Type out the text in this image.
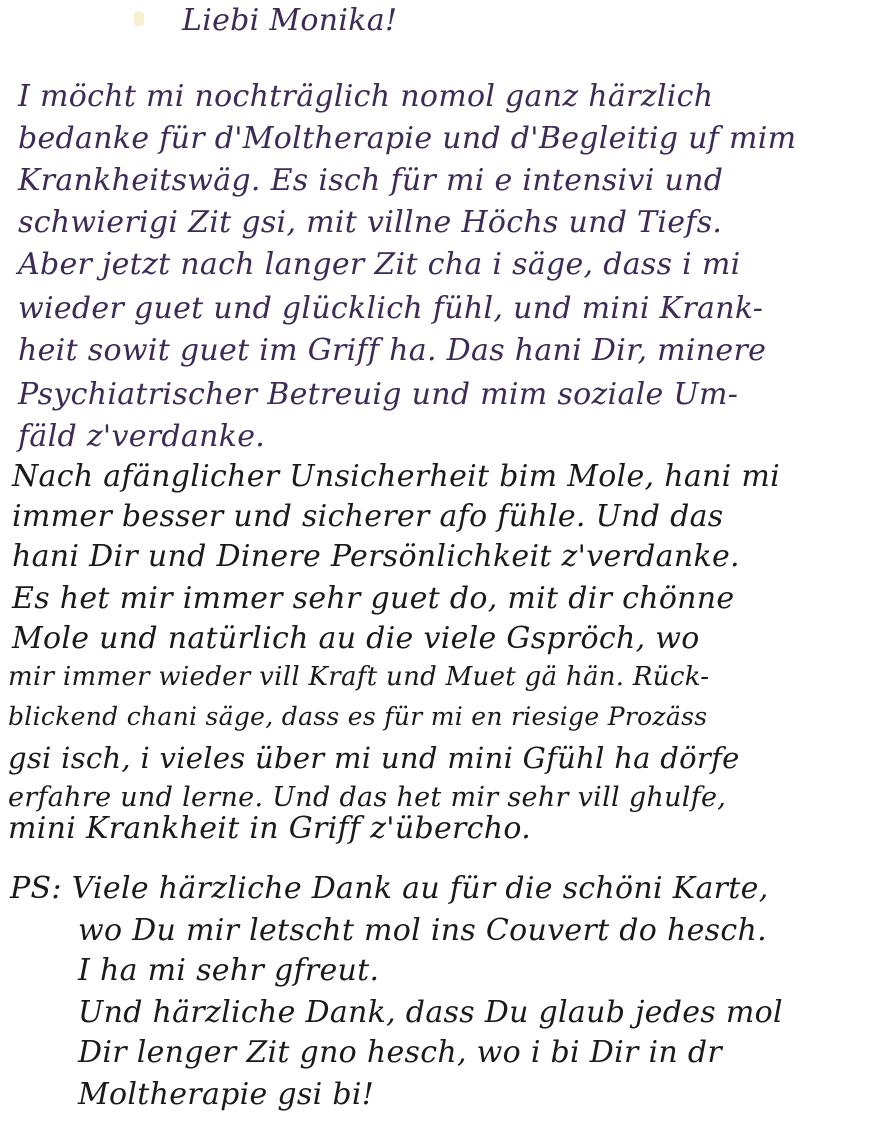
Liebi Monika!

I möcht mi nochträglich nomol ganz härzlich

bedanke für d'Moltherapie und d'Begleitig uf mim

Krankheitswäg. Es isch für mi e intensivi und

schwierigi Zit gsi, mit villne Höchs und Tiefs.

Aber jetzt nach langer Zit cha i säge, dass i mi

wieder guet und glücklich fühl, und mini Krank-

heit sowit guet im Griff ha. Das hani Dir, minere

Psychiatrischer Betreuig und mim soziale Um-

fäld z'verdanke.

Nach afänglicher Unsicherheit bim Mole, hani mi

immer besser und sicherer afo fühle. Und das

hani Dir und Dinere Persönlichkeit z'verdanke.

Es het mir immer sehr guet do, mit dir chönne

Mole und natürlich au die viele Gspröch, wo

mir immer wieder vill Kraft und Muet gä hän. Rück-

blickend chani säge, dass es für mi en riesige Prozäss

gsi isch, i vieles über mi und mini Gfühl ha dörfe

erfahre und lerne. Und das het mir sehr vill ghulfe,

mini Krankheit in Griff z'übercho.

PS: Viele härzliche Dank au für die schöni Karte,

wo Du mir letscht mol ins Couvert do hesch.

I ha mi sehr gfreut.

Und härzliche Dank, dass Du glaub jedes mol

Dir lenger Zit gno hesch, wo i bi Dir in dr

Moltherapie gsi bi!
